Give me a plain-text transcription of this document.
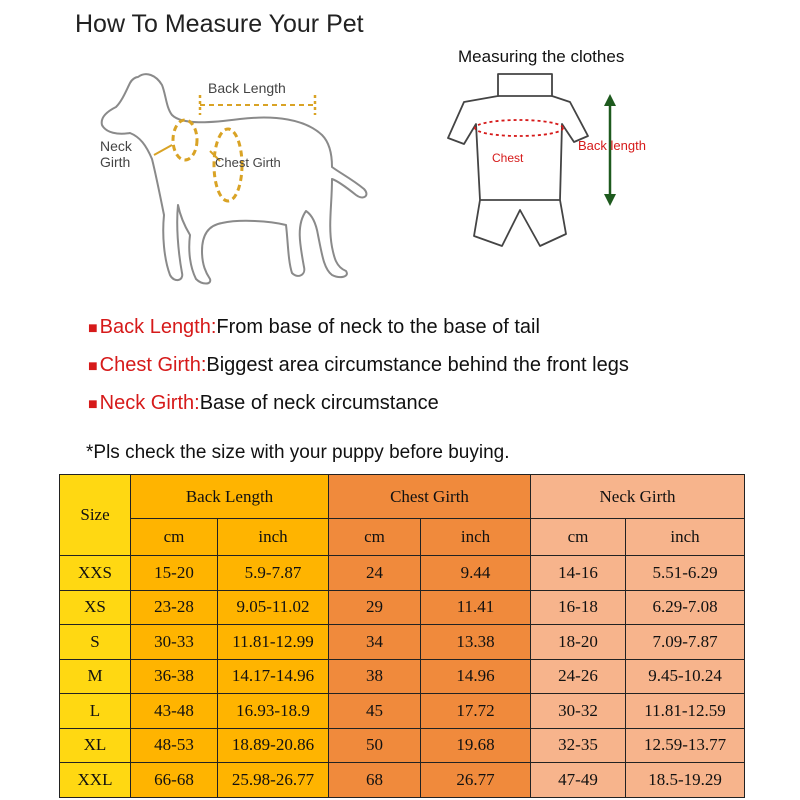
How To Measure Your Pet
Back Length
Neck
Girth	Chest Girth
Measuring the clothes
Chest
Back length
■ Back Length:From base of neck to the base of tail
■ Chest Girth:Biggest area circumstance behind the front legs
■ Neck Girth:Base of neck circumstance
*Pls check the size with your puppy before buying.
Size	Back Length		Chest Girth		Neck Girth	
	cm	inch	cm	inch	cm	inch
XXS	15-20	5.9-7.87	24	9.44	14-16	5.51-6.29
XS	23-28	9.05-11.02	29	11.41	16-18	6.29-7.08
S	30-33	11.81-12.99	34	13.38	18-20	7.09-7.87
M	36-38	14.17-14.96	38	14.96	24-26	9.45-10.24
L	43-48	16.93-18.9	45	17.72	30-32	11.81-12.59
XL	48-53	18.89-20.86	50	19.68	32-35	12.59-13.77
XXL	66-68	25.98-26.77	68	26.77	47-49	18.5-19.29
